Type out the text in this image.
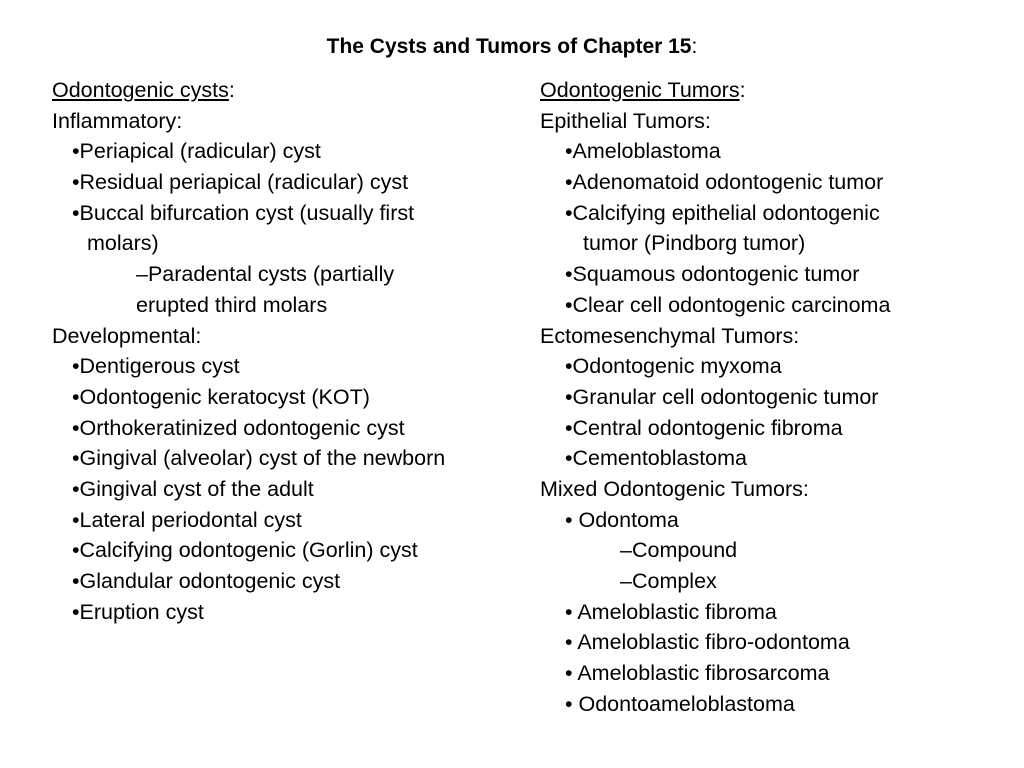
The Cysts and Tumors of Chapter 15:
Odontogenic cysts:
Inflammatory:
•Periapical (radicular) cyst
•Residual periapical (radicular) cyst
•Buccal bifurcation cyst (usually first
molars)
–Paradental cysts (partially
erupted third molars
Developmental:
•Dentigerous cyst
•Odontogenic keratocyst (KOT)
•Orthokeratinized odontogenic cyst
•Gingival (alveolar) cyst of the newborn
•Gingival cyst of the adult
•Lateral periodontal cyst
•Calcifying odontogenic (Gorlin) cyst
•Glandular odontogenic cyst
•Eruption cyst
Odontogenic Tumors:
Epithelial Tumors:
•Ameloblastoma
•Adenomatoid odontogenic tumor
•Calcifying epithelial odontogenic
tumor (Pindborg tumor)
•Squamous odontogenic tumor
•Clear cell odontogenic carcinoma
Ectomesenchymal Tumors:
•Odontogenic myxoma
•Granular cell odontogenic tumor
•Central odontogenic fibroma
•Cementoblastoma
Mixed Odontogenic Tumors:
• Odontoma
–Compound
–Complex
• Ameloblastic fibroma
• Ameloblastic fibro-odontoma
• Ameloblastic fibrosarcoma
• Odontoameloblastoma
